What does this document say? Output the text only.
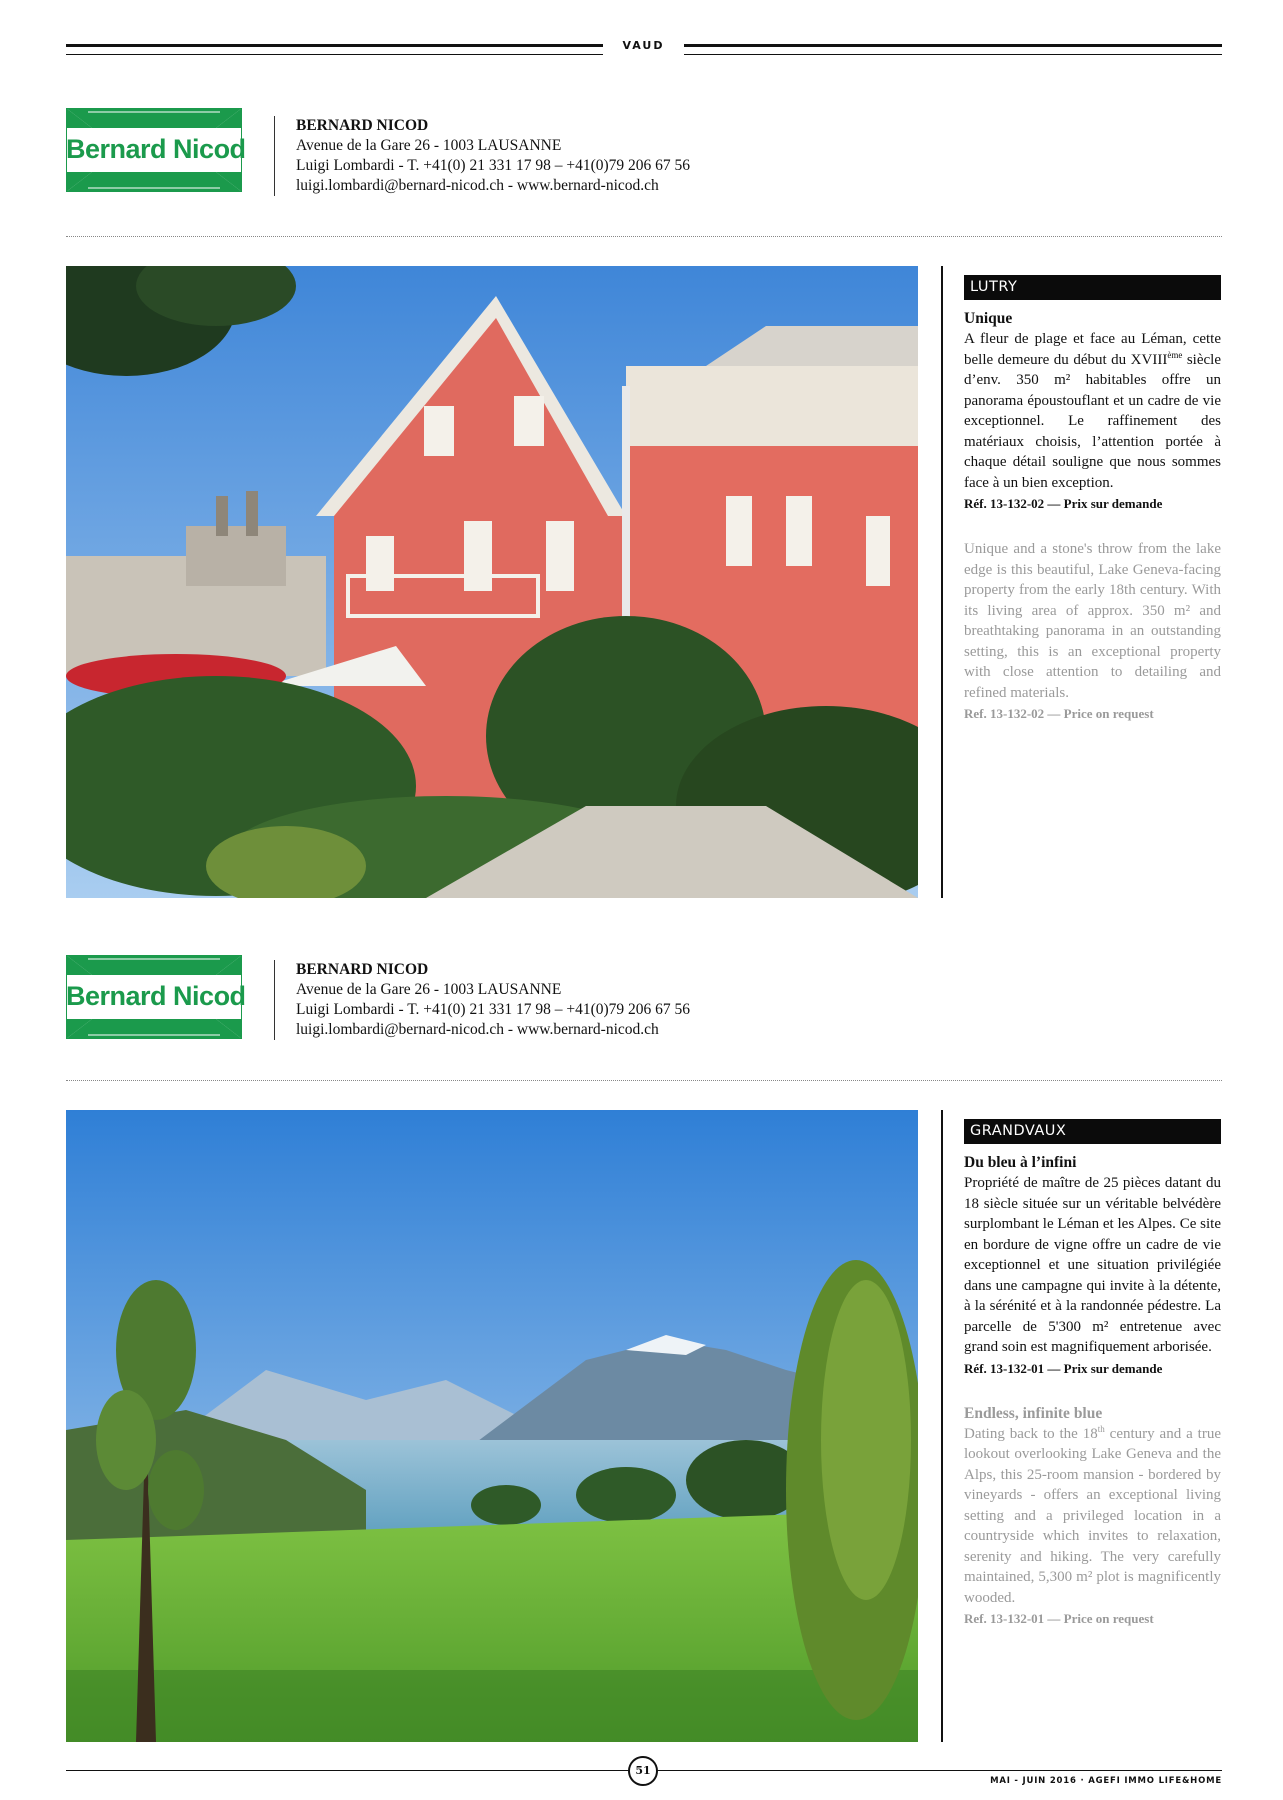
VAUD
Bernard Nicod
BERNARD NICOD
Avenue de la Gare 26 - 1003 LAUSANNE
Luigi Lombardi - T. +41(0) 21 331 17 98 – +41(0)79 206 67 56
luigi.lombardi@bernard-nicod.ch - www.bernard-nicod.ch
LUTRY
Unique
A fleur de plage et face au Léman, cette belle demeure du début du XVIIIème siècle d’env. 350 m² habitables offre un panorama époustouflant et un cadre de vie exceptionnel. Le raffinement des matériaux choisis, l’attention portée à chaque détail souligne que nous sommes face à un bien exception.
Réf. 13-132-02 — Prix sur demande
Unique and a stone's throw from the lake edge is this beautiful, Lake Geneva-facing property from the early 18th century. With its living area of approx. 350 m² and breathtaking panorama in an outstanding setting, this is an exceptional property with close attention to detailing and refined materials.
Ref. 13-132-02 — Price on request
Bernard Nicod
BERNARD NICOD
Avenue de la Gare 26 - 1003 LAUSANNE
Luigi Lombardi - T. +41(0) 21 331 17 98 – +41(0)79 206 67 56
luigi.lombardi@bernard-nicod.ch - www.bernard-nicod.ch
GRANDVAUX
Du bleu à l’infini
Propriété de maître de 25 pièces datant du 18 siècle située sur un véritable belvédère surplombant le Léman et les Alpes. Ce site en bordure de vigne offre un cadre de vie exceptionnel et une situation privilégiée dans une campagne qui invite à la détente, à la sérénité et à la randonnée pédestre. La parcelle de 5'300 m² entretenue avec grand soin est magnifiquement arborisée.
Réf. 13-132-01 — Prix sur demande
Endless, infinite blue
Dating back to the 18th century and a true lookout overlooking Lake Geneva and the Alps, this 25-room mansion - bordered by vineyards - offers an exceptional living setting and a privileged location in a countryside which invites to relaxation, serenity and hiking. The very carefully maintained, 5,300 m² plot is magnificently wooded.
Ref. 13-132-01 — Price on request
51
MAI - JUIN 2016 · AGEFI IMMO LIFE&HOME
